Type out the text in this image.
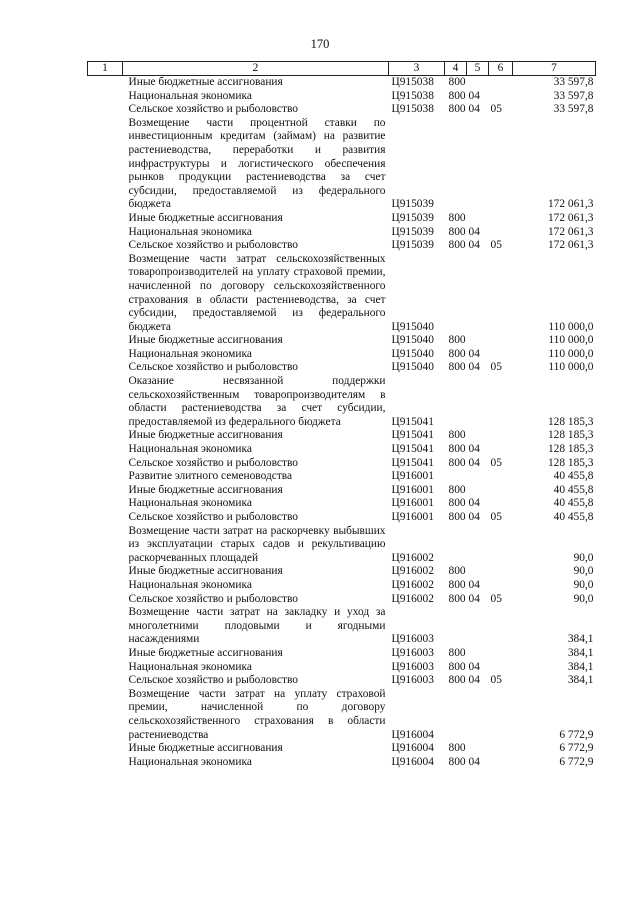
170
1	2	3	4	5	6	7
	Иные бюджетные ассигнования	Ц915038	800			33 597,8
	Национальная экономика	Ц915038	800	04		33 597,8
	Сельское хозяйство и рыболовство	Ц915038	800	04	05	33 597,8
	Возмещение части процентной ставки по инвестиционным кредитам (займам) на развитие растениеводства, переработки и развития инфраструктуры и логистического обеспечения рынков продукции растениеводства за счет субсидии, предоставляемой из федерального бюджета	Ц915039				172 061,3
	Иные бюджетные ассигнования	Ц915039	800			172 061,3
	Национальная экономика	Ц915039	800	04		172 061,3
	Сельское хозяйство и рыболовство	Ц915039	800	04	05	172 061,3
	Возмещение части затрат сельскохозяйственных товаропроизводителей на уплату страховой премии, начисленной по договору сельскохозяйственного страхования в области растениеводства, за счет субсидии, предоставляемой из федерального бюджета	Ц915040				110 000,0
	Иные бюджетные ассигнования	Ц915040	800			110 000,0
	Национальная экономика	Ц915040	800	04		110 000,0
	Сельское хозяйство и рыболовство	Ц915040	800	04	05	110 000,0
	Оказание несвязанной поддержки сельскохозяйственным товаропроизводителям в области растениеводства за счет субсидии, предоставляемой из федерального бюджета	Ц915041				128 185,3
	Иные бюджетные ассигнования	Ц915041	800			128 185,3
	Национальная экономика	Ц915041	800	04		128 185,3
	Сельское хозяйство и рыболовство	Ц915041	800	04	05	128 185,3
	Развитие элитного семеноводства	Ц916001				40 455,8
	Иные бюджетные ассигнования	Ц916001	800			40 455,8
	Национальная экономика	Ц916001	800	04		40 455,8
	Сельское хозяйство и рыболовство	Ц916001	800	04	05	40 455,8
	Возмещение части затрат на раскорчевку выбывших из эксплуатации старых садов и рекультивацию раскорчеванных площадей	Ц916002				90,0
	Иные бюджетные ассигнования	Ц916002	800			90,0
	Национальная экономика	Ц916002	800	04		90,0
	Сельское хозяйство и рыболовство	Ц916002	800	04	05	90,0
	Возмещение части затрат на закладку и уход за многолетними плодовыми и ягодными насаждениями	Ц916003				384,1
	Иные бюджетные ассигнования	Ц916003	800			384,1
	Национальная экономика	Ц916003	800	04		384,1
	Сельское хозяйство и рыболовство	Ц916003	800	04	05	384,1
	Возмещение части затрат на уплату страховой премии, начисленной по договору сельскохозяйственного страхования в области растениеводства	Ц916004				6 772,9
	Иные бюджетные ассигнования	Ц916004	800			6 772,9
	Национальная экономика	Ц916004	800	04		6 772,9
